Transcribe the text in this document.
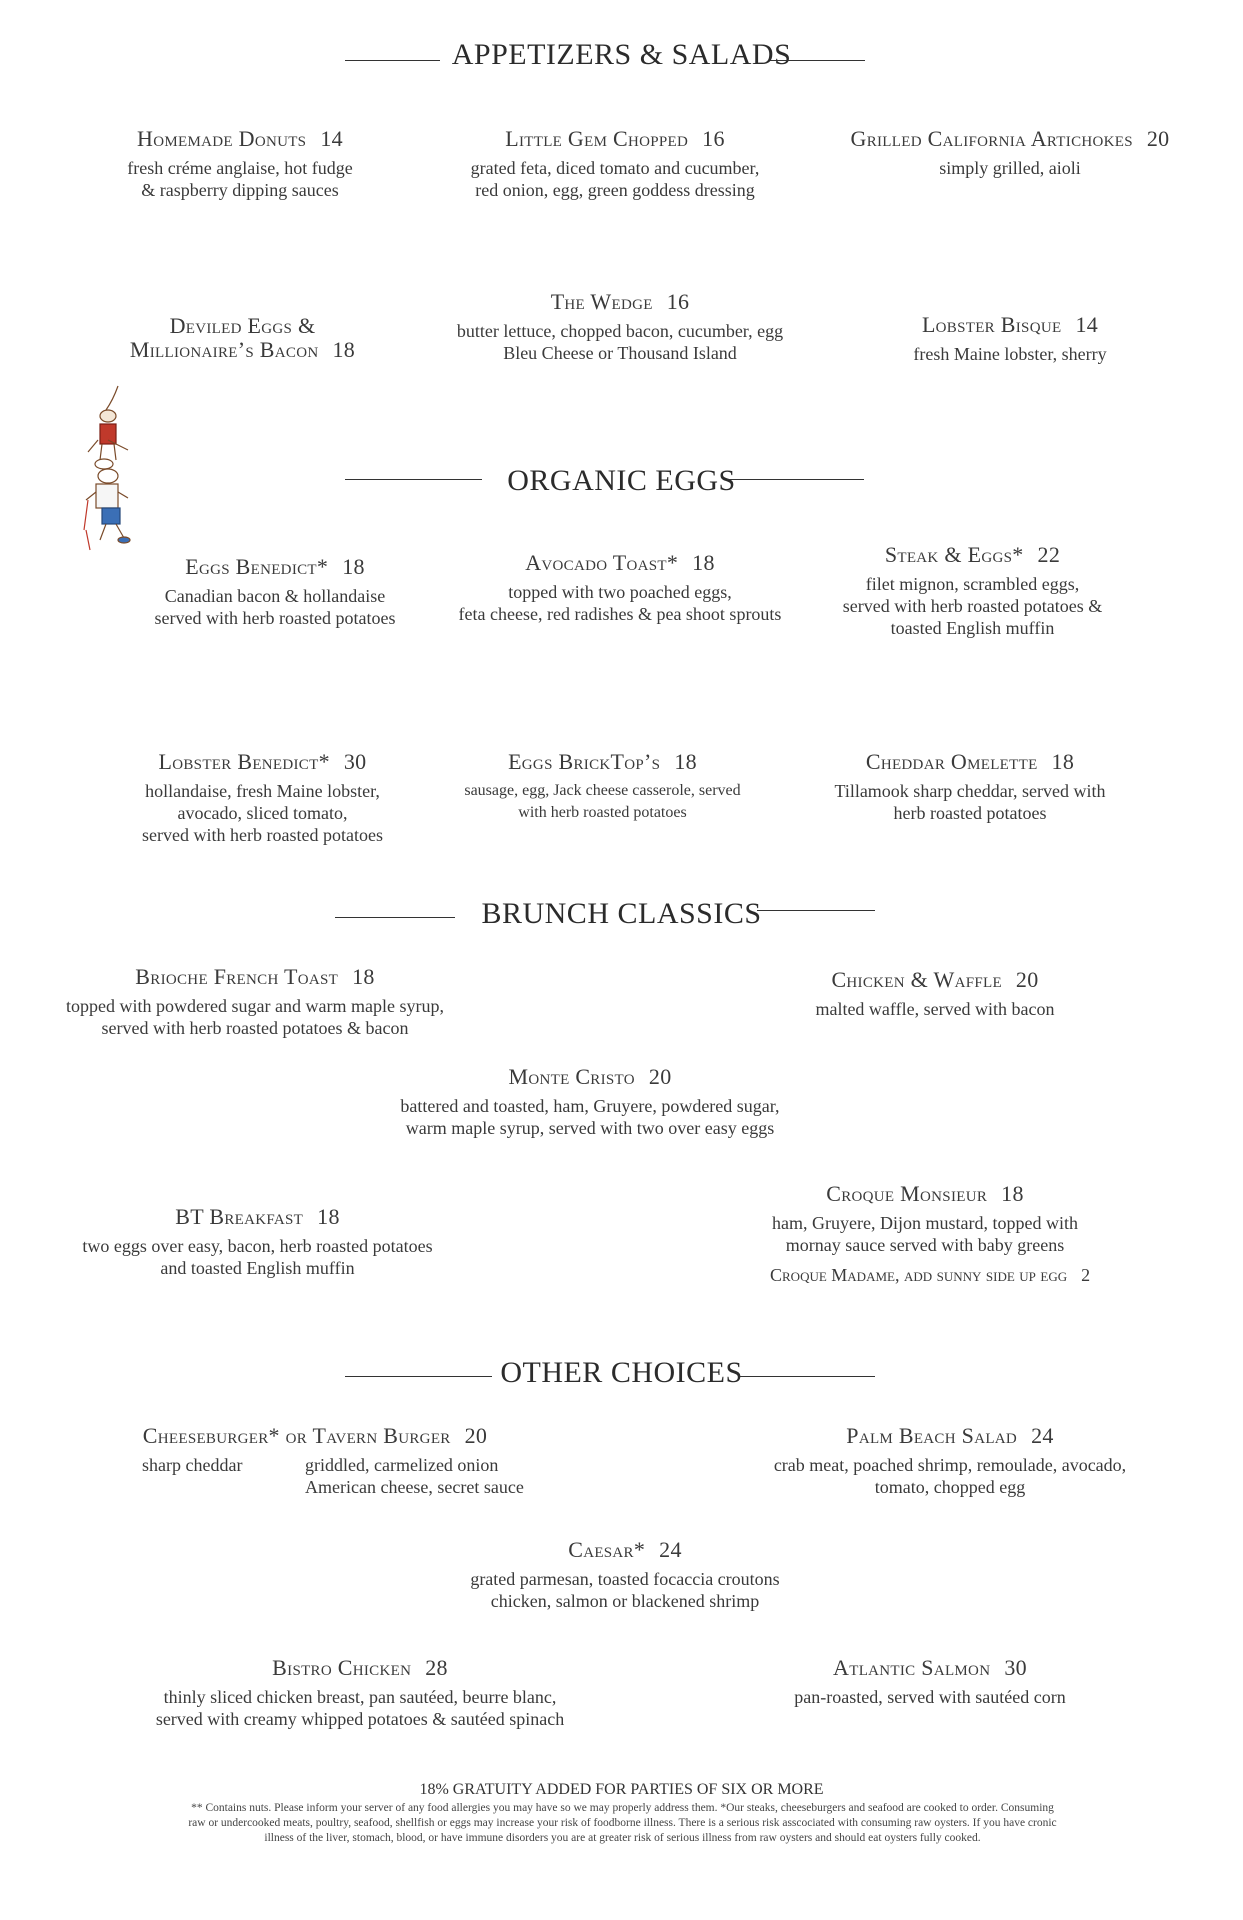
APPETIZERS & SALADS
Homemade Donuts 14
fresh créme anglaise, hot fudge
& raspberry dipping sauces
Little Gem Chopped 16
grated feta, diced tomato and cucumber,
red onion, egg, green goddess dressing
Grilled California Artichokes 20
simply grilled, aioli
Deviled Eggs &
Millionaire’s Bacon 18
The Wedge 16
butter lettuce, chopped bacon, cucumber, egg
Bleu Cheese or Thousand Island
Lobster Bisque 14
fresh Maine lobster, sherry
ORGANIC EGGS
Eggs Benedict* 18
Canadian bacon & hollandaise
served with herb roasted potatoes
Avocado Toast* 18
topped with two poached eggs,
feta cheese, red radishes & pea shoot sprouts
Steak & Eggs* 22
filet mignon, scrambled eggs,
served with herb roasted potatoes &
toasted English muffin
Lobster Benedict* 30
hollandaise, fresh Maine lobster,
avocado, sliced tomato,
served with herb roasted potatoes
Eggs BrickTop’s 18
sausage, egg, Jack cheese casserole, served
with herb roasted potatoes
Cheddar Omelette 18
Tillamook sharp cheddar, served with
herb roasted potatoes
BRUNCH CLASSICS
Brioche French Toast 18
topped with powdered sugar and warm maple syrup,
served with herb roasted potatoes & bacon
Chicken & Waffle 20
malted waffle, served with bacon
Monte Cristo 20
battered and toasted, ham, Gruyere, powdered sugar,
warm maple syrup, served with two over easy eggs
BT Breakfast 18
two eggs over easy, bacon, herb roasted potatoes
and toasted English muffin
Croque Monsieur 18
ham, Gruyere, Dijon mustard, topped with
mornay sauce served with baby greens
Croque Madame, add sunny side up egg 2
OTHER CHOICES
Cheeseburger* or Tavern Burger 20
sharp cheddar	griddled, carmelized onion
American cheese, secret sauce
Palm Beach Salad 24
crab meat, poached shrimp, remoulade, avocado,
tomato, chopped egg
Caesar* 24
grated parmesan, toasted focaccia croutons
chicken, salmon or blackened shrimp
Bistro Chicken 28
thinly sliced chicken breast, pan sautéed, beurre blanc,
served with creamy whipped potatoes & sautéed spinach
Atlantic Salmon 30
pan-roasted, served with sautéed corn
18% GRATUITY ADDED FOR PARTIES OF SIX OR MORE
** Contains nuts. Please inform your server of any food allergies you may have so we may properly address them. *Our steaks, cheeseburgers and seafood are cooked to order. Consuming
raw or undercooked meats, poultry, seafood, shellfish or eggs may increase your risk of foodborne illness. There is a serious risk asscociated with consuming raw oysters. If you have cronic
illness of the liver, stomach, blood, or have immune disorders you are at greater risk of serious illness from raw oysters and should eat oysters fully cooked.
